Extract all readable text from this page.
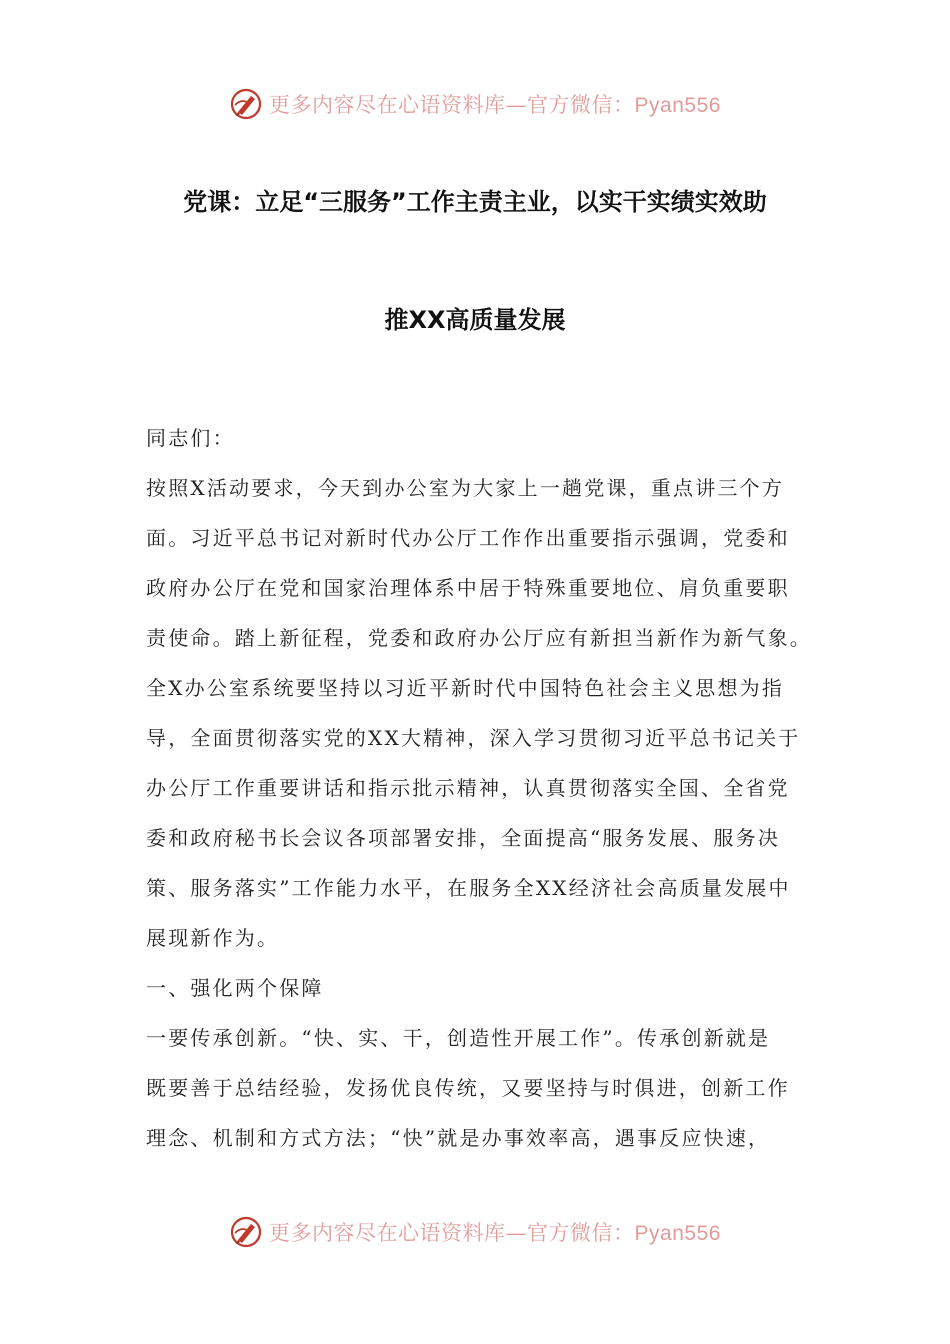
更多内容尽在心语资料库—官方微信：Pyan556
党课：立足“三服务”工作主责主业，以实干实绩实效助
推XX高质量发展
同志们：
按照X活动要求，今天到办公室为大家上一趟党课，重点讲三个方
面。习近平总书记对新时代办公厅工作作出重要指示强调，党委和
政府办公厅在党和国家治理体系中居于特殊重要地位、肩负重要职
责使命。踏上新征程，党委和政府办公厅应有新担当新作为新气象。
全X办公室系统要坚持以习近平新时代中国特色社会主义思想为指
导，全面贯彻落实党的XX大精神，深入学习贯彻习近平总书记关于
办公厅工作重要讲话和指示批示精神，认真贯彻落实全国、全省党
委和政府秘书长会议各项部署安排，全面提高“服务发展、服务决
策、服务落实”工作能力水平，在服务全XX经济社会高质量发展中
展现新作为。
一、强化两个保障
一要传承创新。“快、实、干，创造性开展工作”。传承创新就是
既要善于总结经验，发扬优良传统，又要坚持与时俱进，创新工作
理念、机制和方式方法；“快”就是办事效率高，遇事反应快速，
更多内容尽在心语资料库—官方微信：Pyan556
